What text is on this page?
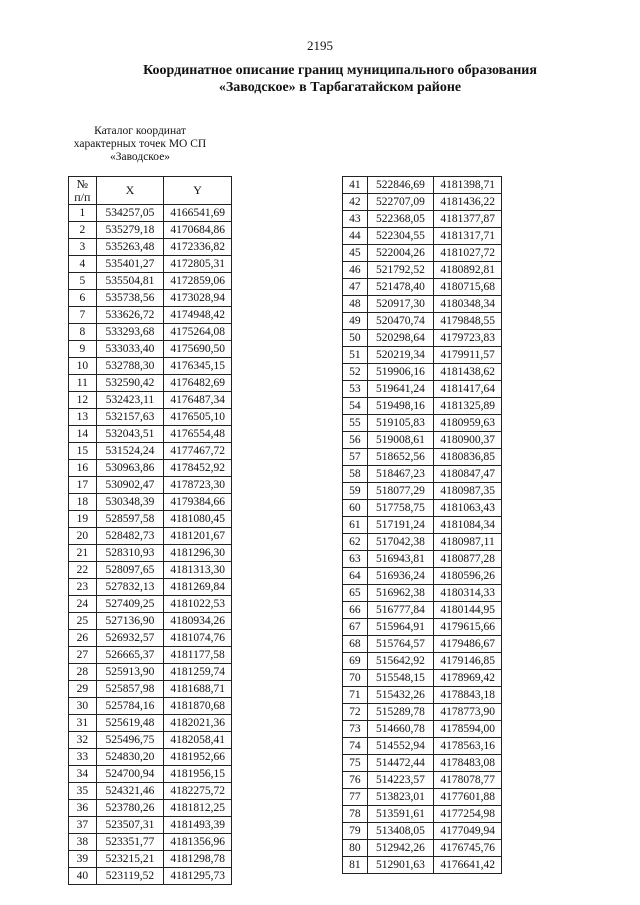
2195
Координатное описание границ муниципального образования
«Заводское» в Тарбагатайском районе
Каталог координат
характерных точек МО СП
«Заводское»
№
п/п	X	Y
1	534257,05	4166541,69
2	535279,18	4170684,86
3	535263,48	4172336,82
4	535401,27	4172805,31
5	535504,81	4172859,06
6	535738,56	4173028,94
7	533626,72	4174948,42
8	533293,68	4175264,08
9	533033,40	4175690,50
10	532788,30	4176345,15
11	532590,42	4176482,69
12	532423,11	4176487,34
13	532157,63	4176505,10
14	532043,51	4176554,48
15	531524,24	4177467,72
16	530963,86	4178452,92
17	530902,47	4178723,30
18	530348,39	4179384,66
19	528597,58	4181080,45
20	528482,73	4181201,67
21	528310,93	4181296,30
22	528097,65	4181313,30
23	527832,13	4181269,84
24	527409,25	4181022,53
25	527136,90	4180934,26
26	526932,57	4181074,76
27	526665,37	4181177,58
28	525913,90	4181259,74
29	525857,98	4181688,71
30	525784,16	4181870,68
31	525619,48	4182021,36
32	525496,75	4182058,41
33	524830,20	4181952,66
34	524700,94	4181956,15
35	524321,46	4182275,72
36	523780,26	4181812,25
37	523507,31	4181493,39
38	523351,77	4181356,96
39	523215,21	4181298,78
40	523119,52	4181295,73
41	522846,69	4181398,71
42	522707,09	4181436,22
43	522368,05	4181377,87
44	522304,55	4181317,71
45	522004,26	4181027,72
46	521792,52	4180892,81
47	521478,40	4180715,68
48	520917,30	4180348,34
49	520470,74	4179848,55
50	520298,64	4179723,83
51	520219,34	4179911,57
52	519906,16	4181438,62
53	519641,24	4181417,64
54	519498,16	4181325,89
55	519105,83	4180959,63
56	519008,61	4180900,37
57	518652,56	4180836,85
58	518467,23	4180847,47
59	518077,29	4180987,35
60	517758,75	4181063,43
61	517191,24	4181084,34
62	517042,38	4180987,11
63	516943,81	4180877,28
64	516936,24	4180596,26
65	516962,38	4180314,33
66	516777,84	4180144,95
67	515964,91	4179615,66
68	515764,57	4179486,67
69	515642,92	4179146,85
70	515548,15	4178969,42
71	515432,26	4178843,18
72	515289,78	4178773,90
73	514660,78	4178594,00
74	514552,94	4178563,16
75	514472,44	4178483,08
76	514223,57	4178078,77
77	513823,01	4177601,88
78	513591,61	4177254,98
79	513408,05	4177049,94
80	512942,26	4176745,76
81	512901,63	4176641,42
